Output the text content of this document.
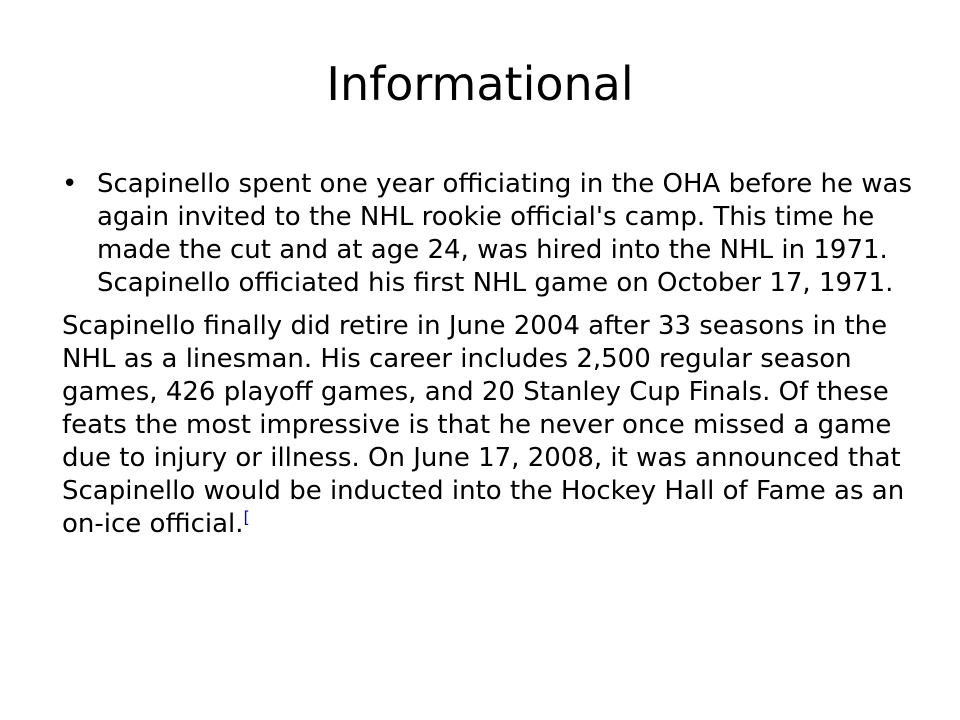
Informational
• Scapinello spent one year officiating in the OHA before he was again invited to the NHL rookie official's camp. This time he made the cut and at age 24, was hired into the NHL in 1971. Scapinello officiated his first NHL game on October 17, 1971.

Scapinello finally did retire in June 2004 after 33 seasons in the NHL as a linesman. His career includes 2,500 regular season games, 426 playoff games, and 20 Stanley Cup Finals. Of these feats the most impressive is that he never once missed a game due to injury or illness. On June 17, 2008, it was announced that Scapinello would be inducted into the Hockey Hall of Fame as an on-ice official.[
